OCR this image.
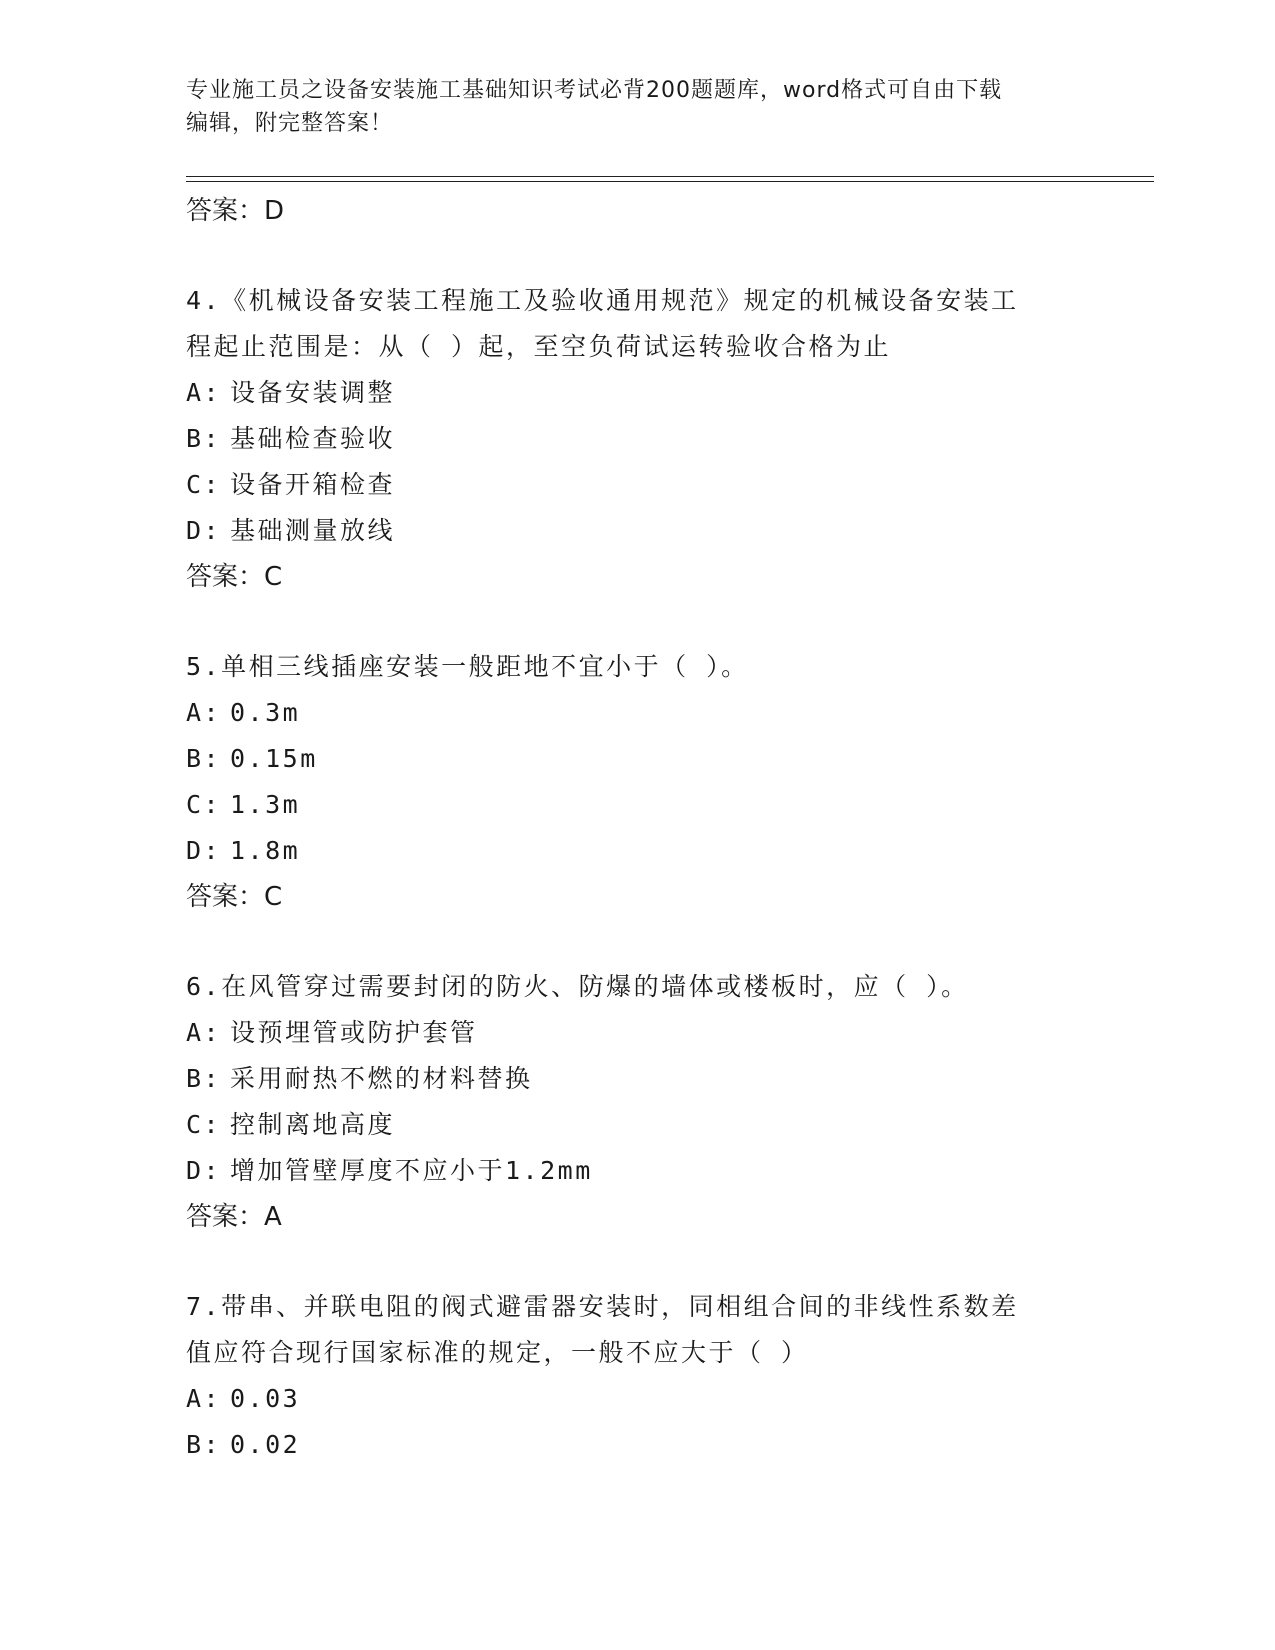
专业施工员之设备安装施工基础知识考试必背200题题库，word格式可自由下载
编辑，附完整答案！
答案：D
4.《机械设备安装工程施工及验收通用规范》规定的机械设备安装工
程起止范围是：从（ ）起，至空负荷试运转验收合格为止
A: 设备安装调整
B: 基础检查验收
C: 设备开箱检查
D: 基础测量放线
答案：C
5.单相三线插座安装一般距地不宜小于（ ）。
A: 0.3m
B: 0.15m
C: 1.3m
D: 1.8m
答案：C
6.在风管穿过需要封闭的防火、防爆的墙体或楼板时，应（ ）。
A: 设预埋管或防护套管
B: 采用耐热不燃的材料替换
C: 控制离地高度
D: 增加管壁厚度不应小于1.2mm
答案：A
7.带串、并联电阻的阀式避雷器安装时，同相组合间的非线性系数差
值应符合现行国家标准的规定，一般不应大于（ ）
A: 0.03
B: 0.02
